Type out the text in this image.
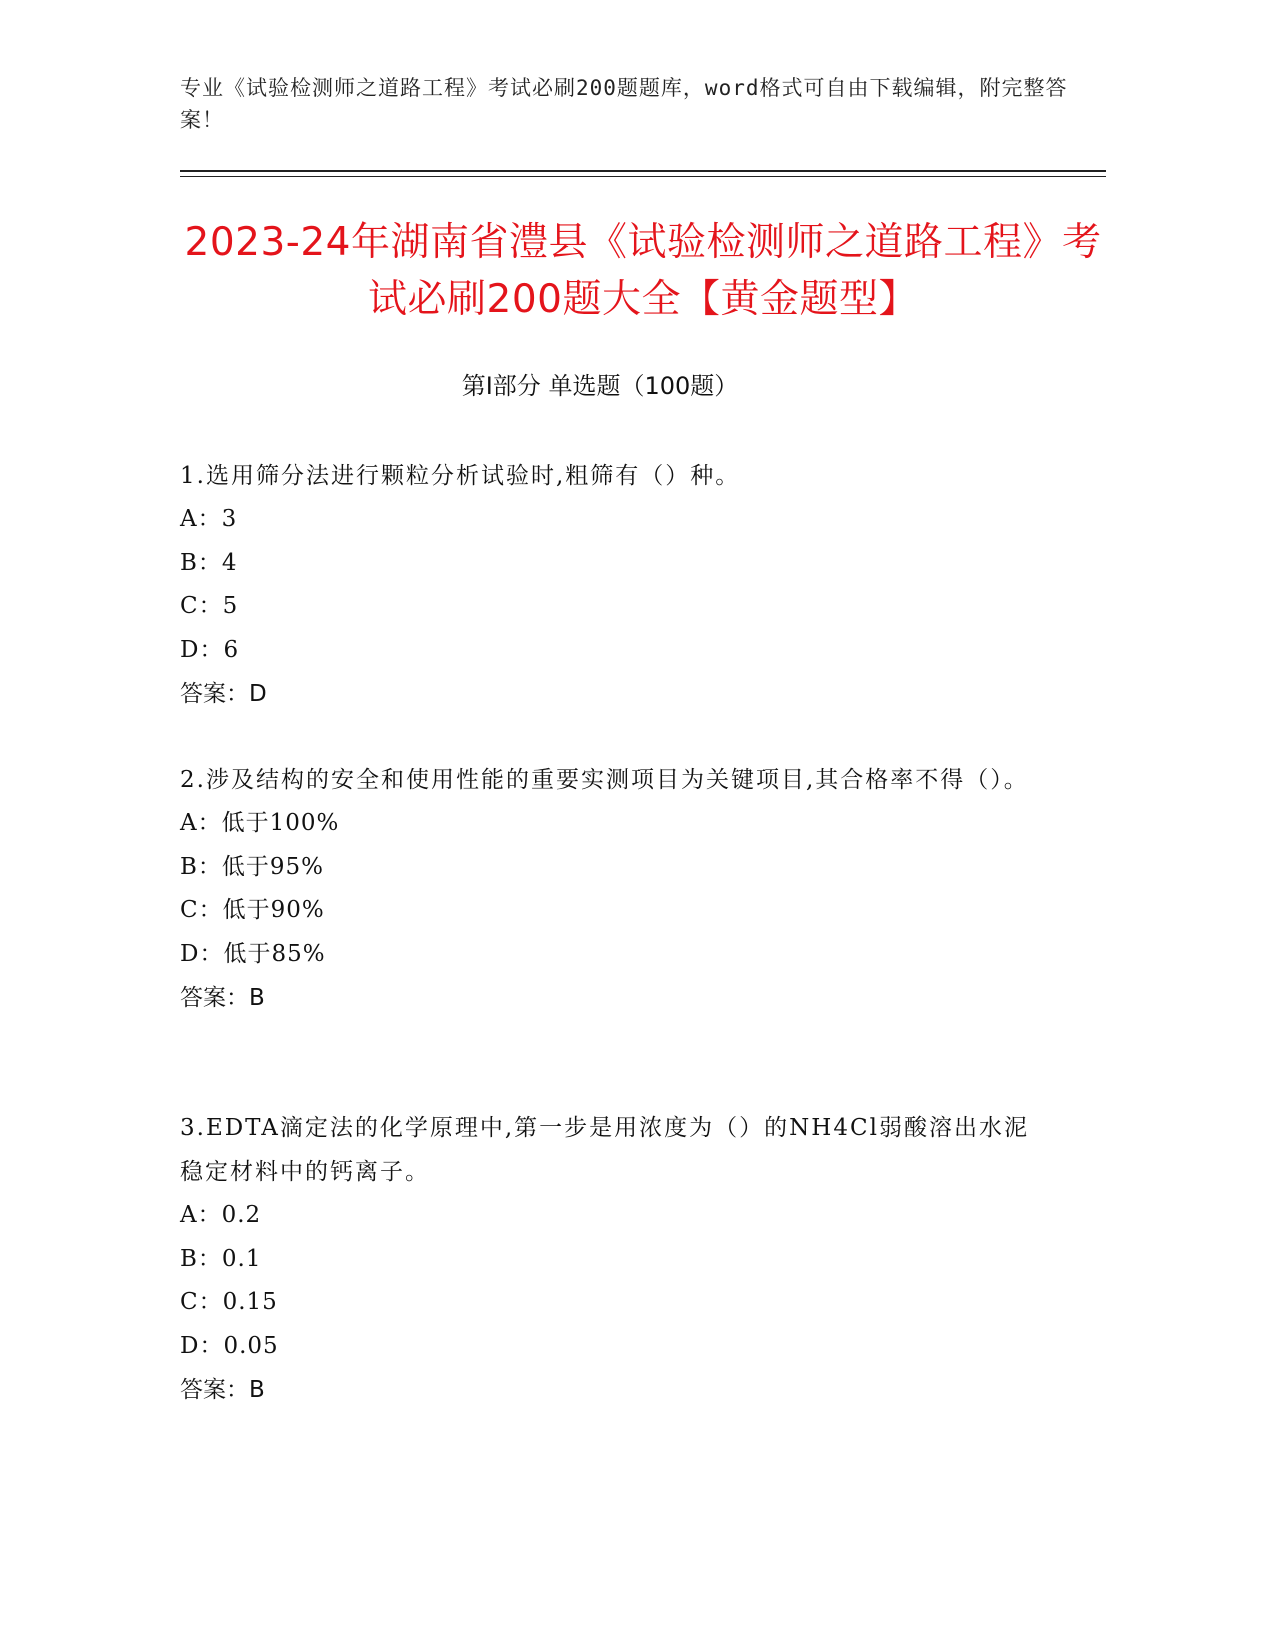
专业《试验检测师之道路工程》考试必刷200题题库，word格式可自由下载编辑，附完整答案！
2023-24年湖南省澧县《试验检测师之道路工程》考试必刷200题大全【黄金题型】
第I部分 单选题（100题）

1.选用筛分法进行颗粒分析试验时,粗筛有（）种。

A：3

B：4

C：5

D：6

答案：D

2.涉及结构的安全和使用性能的重要实测项目为关键项目,其合格率不得（）。

A：低于100%

B：低于95%

C：低于90%

D：低于85%

答案：B

3.EDTA滴定法的化学原理中,第一步是用浓度为（）的NH4Cl弱酸溶出水泥稳定材料中的钙离子。

A：0.2

B：0.1

C：0.15

D：0.05

答案：B
